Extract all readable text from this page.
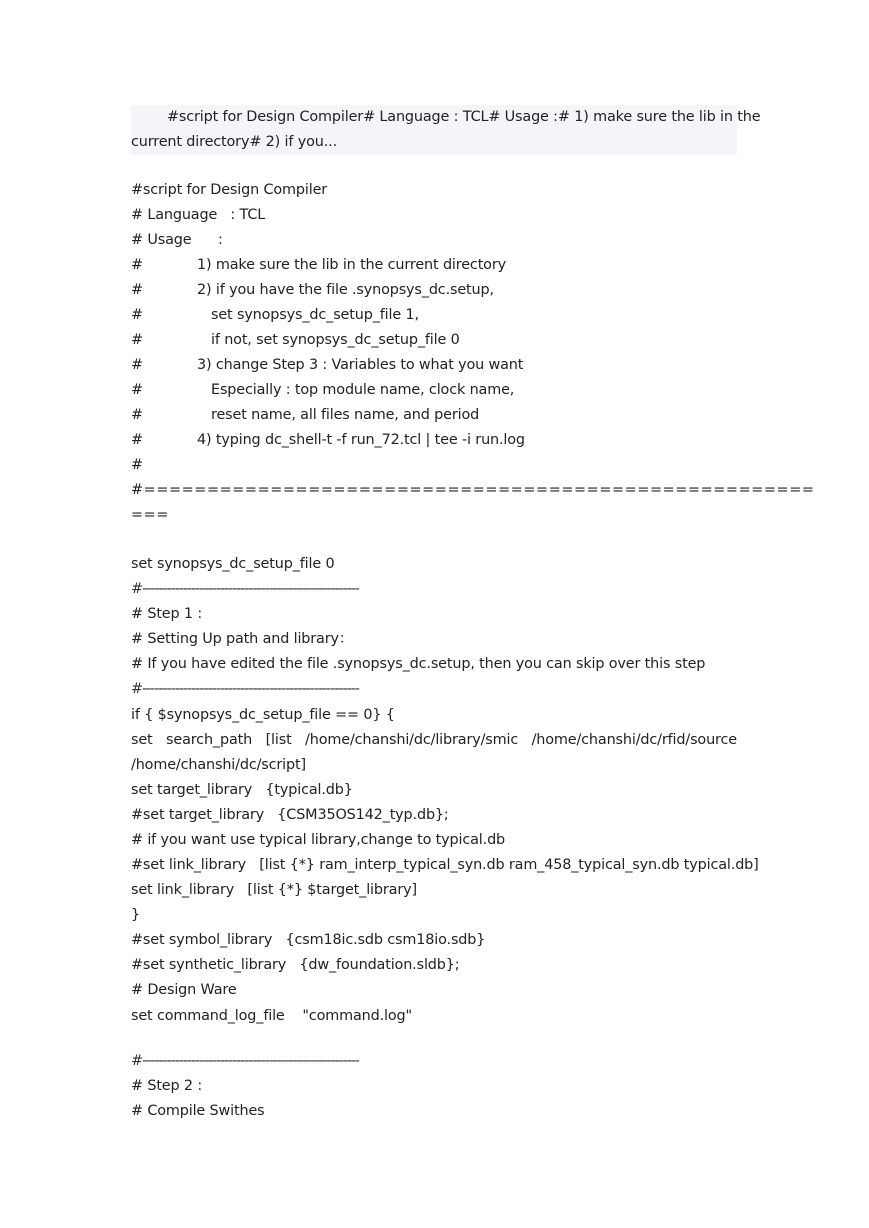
#script for Design Compiler# Language : TCL# Usage :# 1) make sure the lib in the
current directory# 2) if you...
#script for Design Compiler
# Language   : TCL
# Usage      :
#	1) make sure the lib in the current directory
#	2) if you have the file .synopsys_dc.setup,
#	set synopsys_dc_setup_file 1,
#	if not, set synopsys_dc_setup_file 0
#	3) change Step 3 : Variables to what you want
#	Especially : top module name, clock name,
#	reset name, all files name, and period
#	4) typing dc_shell-t -f run_72.tcl | tee -i run.log
#
#=====================================================
===
set synopsys_dc_setup_file 0
#-----------------------------------------------------
# Step 1 :
# Setting Up path and library：
# If you have edited the file .synopsys_dc.setup, then you can skip over this step
#-----------------------------------------------------
if { $synopsys_dc_setup_file == 0} {
set search_path [list /home/chanshi/dc/library/smic /home/chanshi/dc/rfid/source
/home/chanshi/dc/script]
set target_library   {typical.db}
#set target_library   {CSM35OS142_typ.db};
# if you want use typical library,change to typical.db
#set link_library   [list {*} ram_interp_typical_syn.db ram_458_typical_syn.db typical.db]
set link_library   [list {*} $target_library]
}
#set symbol_library   {csm18ic.sdb csm18io.sdb}
#set synthetic_library   {dw_foundation.sldb};
# Design Ware
set command_log_file    "command.log"
#-----------------------------------------------------
# Step 2 :
# Compile Swithes
